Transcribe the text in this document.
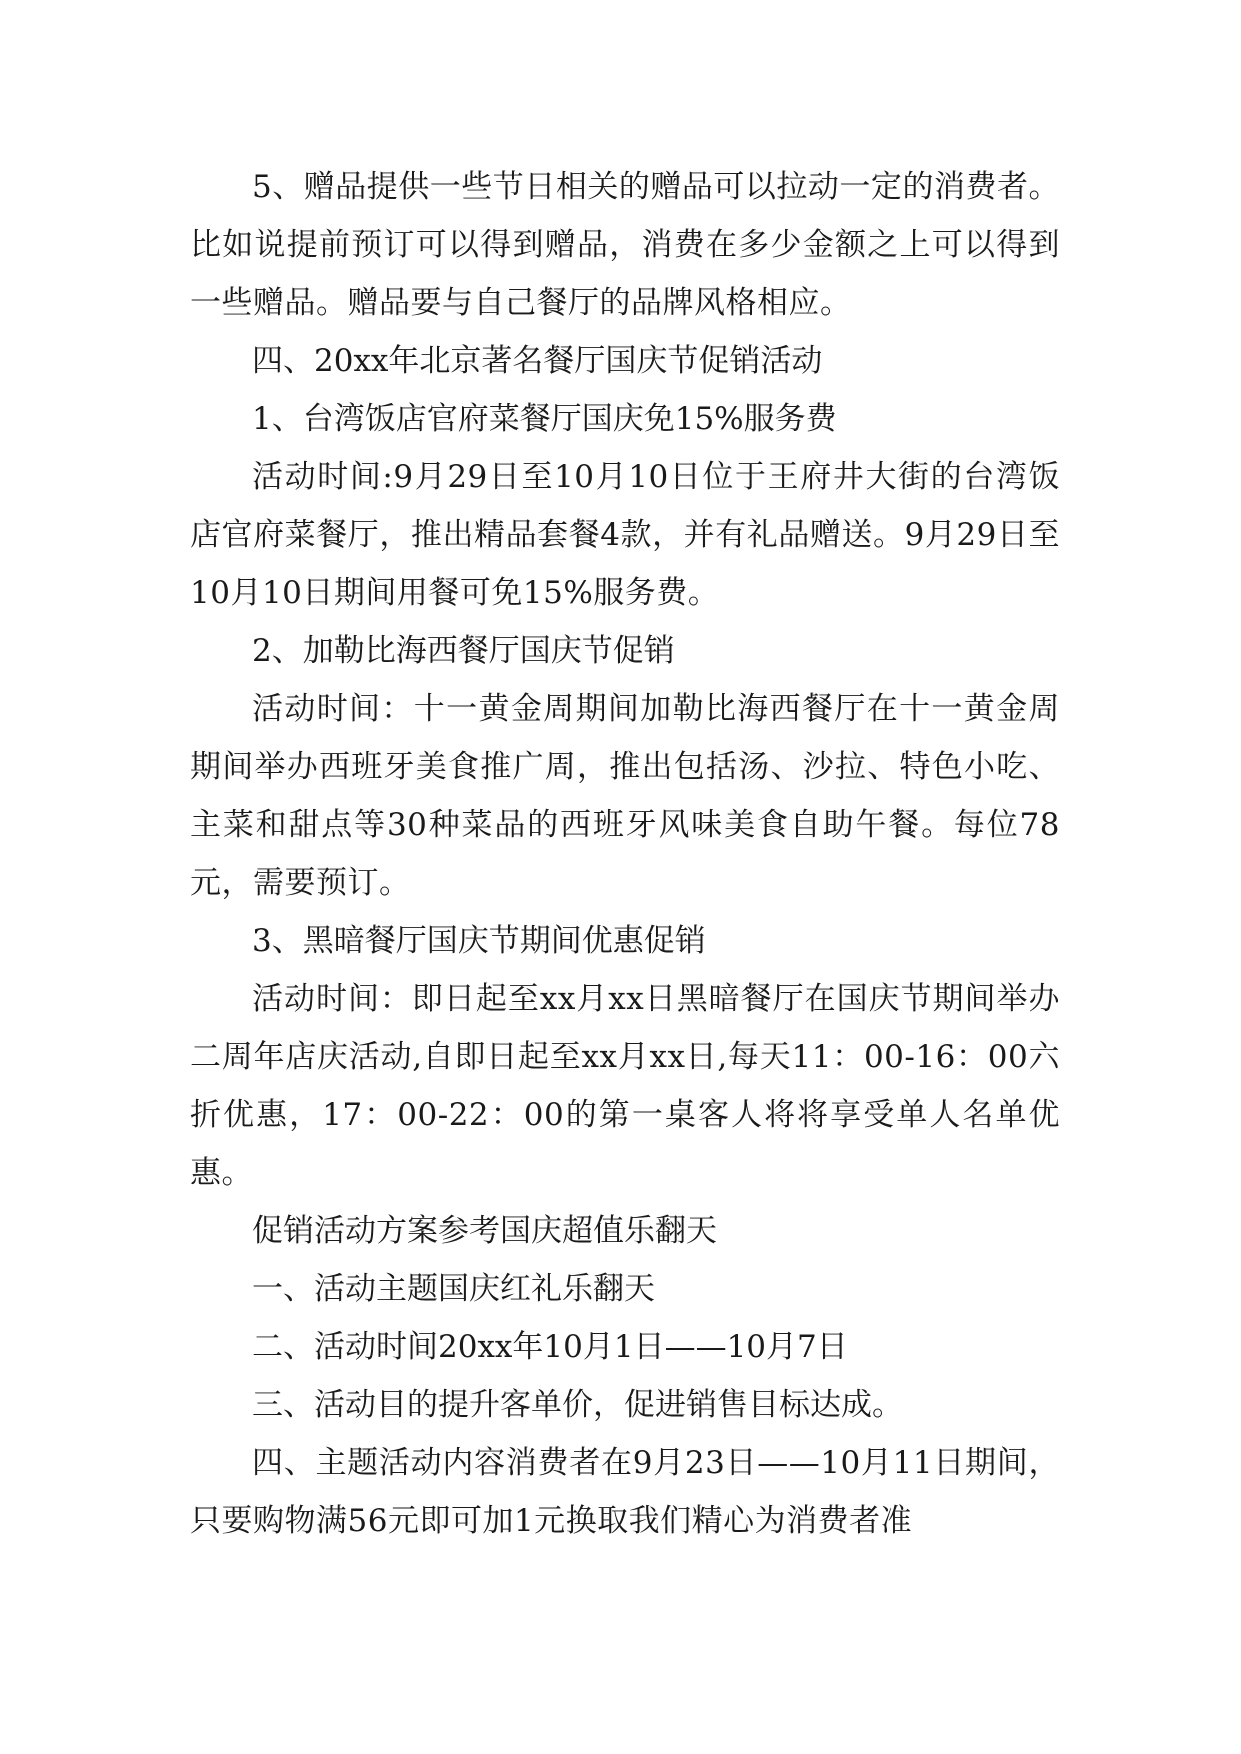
5、赠品提供一些节日相关的赠品可以拉动一定的消费者。比如说提前预订可以得到赠品，消费在多少金额之上可以得到一些赠品。赠品要与自己餐厅的品牌风格相应。

四、20xx年北京著名餐厅国庆节促销活动

1、台湾饭店官府菜餐厅国庆免15%服务费

活动时间:9月29日至10月10日位于王府井大街的台湾饭店官府菜餐厅，推出精品套餐4款，并有礼品赠送。9月29日至10月10日期间用餐可免15%服务费。

2、加勒比海西餐厅国庆节促销

活动时间：十一黄金周期间加勒比海西餐厅在十一黄金周期间举办西班牙美食推广周，推出包括汤、沙拉、特色小吃、主菜和甜点等30种菜品的西班牙风味美食自助午餐。每位78元，需要预订。

3、黑暗餐厅国庆节期间优惠促销

活动时间：即日起至xx月xx日黑暗餐厅在国庆节期间举办二周年店庆活动,自即日起至xx月xx日,每天11：00-16：00六折优惠，17：00-22：00的第一桌客人将将享受单人名单优惠。

促销活动方案参考国庆超值乐翻天

一、活动主题国庆红礼乐翻天

二、活动时间20xx年10月1日——10月7日

三、活动目的提升客单价，促进销售目标达成。

四、主题活动内容消费者在9月23日——10月11日期间，只要购物满56元即可加1元换取我们精心为消费者准
